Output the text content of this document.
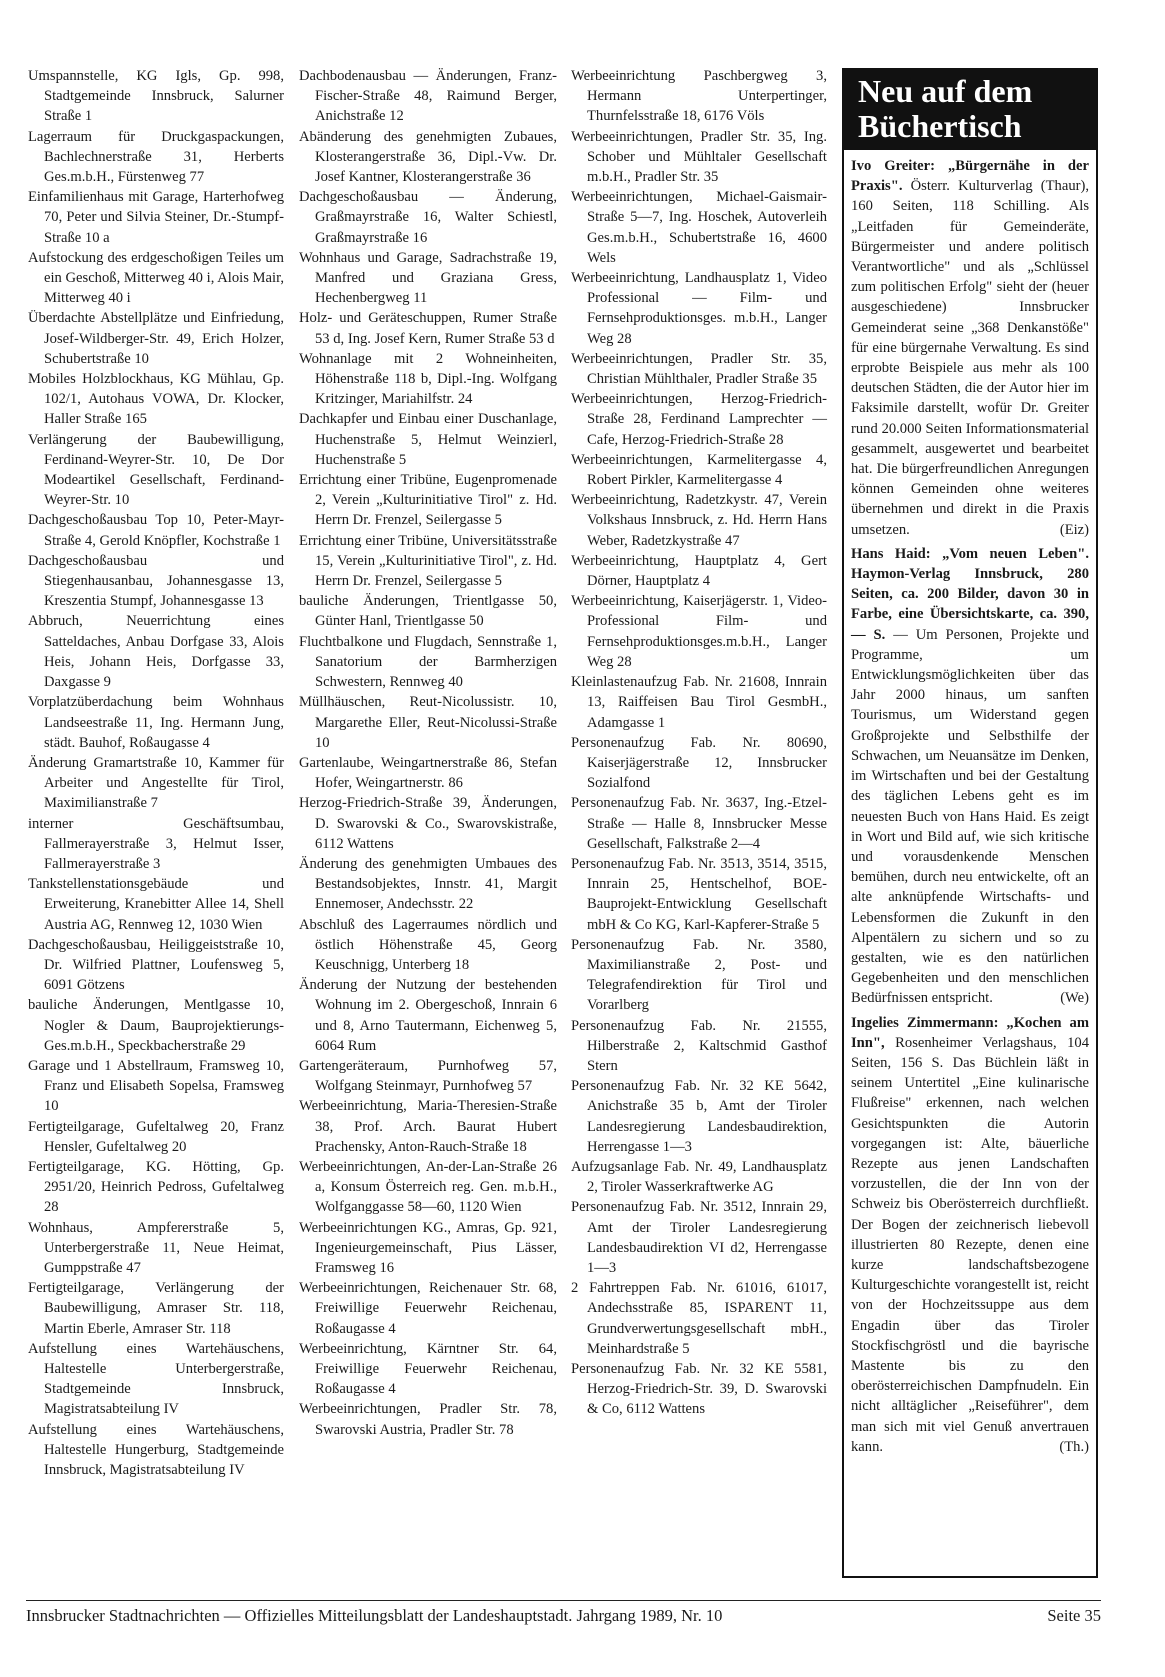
Umspannstelle, KG Igls, Gp. 998, Stadtgemeinde Innsbruck, Salurner Straße 1

Lagerraum für Druckgaspackungen, Bachlechnerstraße 31, Herberts Ges.m.b.H., Fürstenweg 77

Einfamilienhaus mit Garage, Harterhofweg 70, Peter und Silvia Steiner, Dr.-Stumpf-Straße 10 a

Aufstockung des erdgeschoßigen Teiles um ein Geschoß, Mitterweg 40 i, Alois Mair, Mitterweg 40 i

Überdachte Abstellplätze und Einfriedung, Josef-Wildberger-Str. 49, Erich Holzer, Schubertstraße 10

Mobiles Holzblockhaus, KG Mühlau, Gp. 102/1, Autohaus VOWA, Dr. Klocker, Haller Straße 165

Verlängerung der Baubewilligung, Ferdinand-Weyrer-Str. 10, De Dor Modeartikel Gesellschaft, Ferdinand-Weyrer-Str. 10

Dachgeschoßausbau Top 10, Peter-Mayr-Straße 4, Gerold Knöpfler, Kochstraße 1

Dachgeschoßausbau und Stiegenhausanbau, Johannesgasse 13, Kreszentia Stumpf, Johannesgasse 13

Abbruch, Neuerrichtung eines Satteldaches, Anbau Dorfgase 33, Alois Heis, Johann Heis, Dorfgasse 33, Daxgasse 9

Vorplatzüberdachung beim Wohnhaus Landseestraße 11, Ing. Hermann Jung, städt. Bauhof, Roßaugasse 4

Änderung Gramartstraße 10, Kammer für Arbeiter und Angestellte für Tirol, Maximilianstraße 7

interner Geschäftsumbau, Fallmerayerstraße 3, Helmut Isser, Fallmerayerstraße 3

Tankstellenstationsgebäude und Erweiterung, Kranebitter Allee 14, Shell Austria AG, Rennweg 12, 1030 Wien

Dachgeschoßausbau, Heiliggeiststraße 10, Dr. Wilfried Plattner, Loufensweg 5, 6091 Götzens

bauliche Änderungen, Mentlgasse 10, Nogler & Daum, Bauprojektierungs-Ges.m.b.H., Speckbacherstraße 29

Garage und 1 Abstellraum, Framsweg 10, Franz und Elisabeth Sopelsa, Framsweg 10

Fertigteilgarage, Gufeltalweg 20, Franz Hensler, Gufeltalweg 20

Fertigteilgarage, KG. Hötting, Gp. 2951/20, Heinrich Pedross, Gufeltalweg 28

Wohnhaus, Ampfererstraße 5, Unterbergerstraße 11, Neue Heimat, Gumppstraße 47

Fertigteilgarage, Verlängerung der Baubewilligung, Amraser Str. 118, Martin Eberle, Amraser Str. 118

Aufstellung eines Wartehäuschens, Haltestelle Unterbergerstraße, Stadtgemeinde Innsbruck, Magistratsabteilung IV

Aufstellung eines Wartehäuschens, Haltestelle Hungerburg, Stadtgemeinde Innsbruck, Magistratsabteilung IV

Dachbodenausbau — Änderungen, Franz-Fischer-Straße 48, Raimund Berger, Anichstraße 12

Abänderung des genehmigten Zubaues, Klosterangerstraße 36, Dipl.-Vw. Dr. Josef Kantner, Klosterangerstraße 36

Dachgeschoßausbau — Änderung, Graßmayrstraße 16, Walter Schiestl, Graßmayrstraße 16

Wohnhaus und Garage, Sadrachstraße 19, Manfred und Graziana Gress, Hechenbergweg 11

Holz- und Geräteschuppen, Rumer Straße 53 d, Ing. Josef Kern, Rumer Straße 53 d

Wohnanlage mit 2 Wohneinheiten, Höhenstraße 118 b, Dipl.-Ing. Wolfgang Kritzinger, Mariahilfstr. 24

Dachkapfer und Einbau einer Duschanlage, Huchenstraße 5, Helmut Weinzierl, Huchenstraße 5

Errichtung einer Tribüne, Eugenpromenade 2, Verein „Kulturinitiative Tirol" z. Hd. Herrn Dr. Frenzel, Seilergasse 5

Errichtung einer Tribüne, Universitätsstraße 15, Verein „Kulturinitiative Tirol", z. Hd. Herrn Dr. Frenzel, Seilergasse 5

bauliche Änderungen, Trientlgasse 50, Günter Hanl, Trientlgasse 50

Fluchtbalkone und Flugdach, Sennstraße 1, Sanatorium der Barmherzigen Schwestern, Rennweg 40

Müllhäuschen, Reut-Nicolussistr. 10, Margarethe Eller, Reut-Nicolussi-Straße 10

Gartenlaube, Weingartnerstraße 86, Stefan Hofer, Weingartnerstr. 86

Herzog-Friedrich-Straße 39, Änderungen, D. Swarovski & Co., Swarovskistraße, 6112 Wattens

Änderung des genehmigten Umbaues des Bestandsobjektes, Innstr. 41, Margit Ennemoser, Andechsstr. 22

Abschluß des Lagerraumes nördlich und östlich Höhenstraße 45, Georg Keuschnigg, Unterberg 18

Änderung der Nutzung der bestehenden Wohnung im 2. Obergeschoß, Innrain 6 und 8, Arno Tautermann, Eichenweg 5, 6064 Rum

Gartengeräteraum, Purnhofweg 57, Wolfgang Steinmayr, Purnhofweg 57

Werbeeinrichtung, Maria-Theresien-Straße 38, Prof. Arch. Baurat Hubert Prachensky, Anton-Rauch-Straße 18

Werbeeinrichtungen, An-der-Lan-Straße 26 a, Konsum Österreich reg. Gen. m.b.H., Wolfganggasse 58—60, 1120 Wien

Werbeeinrichtungen KG., Amras, Gp. 921, Ingenieurgemeinschaft, Pius Lässer, Framsweg 16

Werbeeinrichtungen, Reichenauer Str. 68, Freiwillige Feuerwehr Reichenau, Roßaugasse 4

Werbeeinrichtung, Kärntner Str. 64, Freiwillige Feuerwehr Reichenau, Roßaugasse 4

Werbeeinrichtungen, Pradler Str. 78, Swarovski Austria, Pradler Str. 78

Werbeeinrichtung Paschbergweg 3, Hermann Unterpertinger, Thurnfelsstraße 18, 6176 Völs

Werbeeinrichtungen, Pradler Str. 35, Ing. Schober und Mühltaler Gesellschaft m.b.H., Pradler Str. 35

Werbeeinrichtungen, Michael-Gaismair-Straße 5—7, Ing. Hoschek, Autoverleih Ges.m.b.H., Schubertstraße 16, 4600 Wels

Werbeeinrichtung, Landhausplatz 1, Video Professional — Film- und Fernsehproduktionsges. m.b.H., Langer Weg 28

Werbeeinrichtungen, Pradler Str. 35, Christian Mühlthaler, Pradler Straße 35

Werbeeinrichtungen, Herzog-Friedrich-Straße 28, Ferdinand Lamprechter — Cafe, Herzog-Friedrich-Straße 28

Werbeeinrichtungen, Karmelitergasse 4, Robert Pirkler, Karmelitergasse 4

Werbeeinrichtung, Radetzkystr. 47, Verein Volkshaus Innsbruck, z. Hd. Herrn Hans Weber, Radetzkystraße 47

Werbeeinrichtung, Hauptplatz 4, Gert Dörner, Hauptplatz 4

Werbeeinrichtung, Kaiserjägerstr. 1, Video-Professional Film- und Fernsehproduktionsges.m.b.H., Langer Weg 28

Kleinlastenaufzug Fab. Nr. 21608, Innrain 13, Raiffeisen Bau Tirol GesmbH., Adamgasse 1

Personenaufzug Fab. Nr. 80690, Kaiserjägerstraße 12, Innsbrucker Sozialfond

Personenaufzug Fab. Nr. 3637, Ing.-Etzel-Straße — Halle 8, Innsbrucker Messe Gesellschaft, Falkstraße 2—4

Personenaufzug Fab. Nr. 3513, 3514, 3515, Innrain 25, Hentschelhof, BOE-Bauprojekt-Entwicklung Gesellschaft mbH & Co KG, Karl-Kapferer-Straße 5

Personenaufzug Fab. Nr. 3580, Maximilianstraße 2, Post- und Telegrafendirektion für Tirol und Vorarlberg

Personenaufzug Fab. Nr. 21555, Hilberstraße 2, Kaltschmid Gasthof Stern

Personenaufzug Fab. Nr. 32 KE 5642, Anichstraße 35 b, Amt der Tiroler Landesregierung Landesbaudirektion, Herrengasse 1—3

Aufzugsanlage Fab. Nr. 49, Landhausplatz 2, Tiroler Wasserkraftwerke AG

Personenaufzug Fab. Nr. 3512, Innrain 29, Amt der Tiroler Landesregierung Landesbaudirektion VI d2, Herrengasse 1—3

2 Fahrtreppen Fab. Nr. 61016, 61017, Andechsstraße 85, ISPARENT 11, Grundverwertungsgesellschaft mbH., Meinhardstraße 5

Personenaufzug Fab. Nr. 32 KE 5581, Herzog-Friedrich-Str. 39, D. Swarovski & Co, 6112 Wattens

Neu auf dem
Büchertisch
Ivo Greiter: „Bürgernähe in der Praxis". Österr. Kulturverlag (Thaur), 160 Seiten, 118 Schilling. Als „Leitfaden für Gemeinderäte, Bürgermeister und andere politisch Verantwortliche" und als „Schlüssel zum politischen Erfolg" sieht der (heuer ausgeschiedene) Innsbrucker Gemeinderat seine „368 Denkanstöße" für eine bürgernahe Verwaltung. Es sind erprobte Beispiele aus mehr als 100 deutschen Städten, die der Autor hier im Faksimile darstellt, wofür Dr. Greiter rund 20.000 Seiten Informationsmaterial gesammelt, ausgewertet und bearbeitet hat. Die bürgerfreundlichen Anregungen können Gemeinden ohne weiteres übernehmen und direkt in die Praxis umsetzen.	(Eiz)
Hans Haid: „Vom neuen Leben". Haymon-Verlag Innsbruck, 280 Seiten, ca. 200 Bilder, davon 30 in Farbe, eine Übersichtskarte, ca. 390,— S. — Um Personen, Projekte und Programme, um Entwicklungsmöglichkeiten über das Jahr 2000 hinaus, um sanften Tourismus, um Widerstand gegen Großprojekte und Selbsthilfe der Schwachen, um Neuansätze im Denken, im Wirtschaften und bei der Gestaltung des täglichen Lebens geht es im neuesten Buch von Hans Haid. Es zeigt in Wort und Bild auf, wie sich kritische und vorausdenkende Menschen bemühen, durch neu entwickelte, oft an alte anknüpfende Wirtschafts- und Lebensformen die Zukunft in den Alpentälern zu sichern und so zu gestalten, wie es den natürlichen Gegebenheiten und den menschlichen Bedürfnissen entspricht.	(We)
Ingelies Zimmermann: „Kochen am Inn", Rosenheimer Verlagshaus, 104 Seiten, 156 S. Das Büchlein läßt in seinem Untertitel „Eine kulinarische Flußreise" erkennen, nach welchen Gesichtspunkten die Autorin vorgegangen ist: Alte, bäuerliche Rezepte aus jenen Landschaften vorzustellen, die der Inn von der Schweiz bis Oberösterreich durchfließt. Der Bogen der zeichnerisch liebevoll illustrierten 80 Rezepte, denen eine kurze landschaftsbezogene Kulturgeschichte vorangestellt ist, reicht von der Hochzeitssuppe aus dem Engadin über das Tiroler Stockfischgröstl und die bayrische Mastente bis zu den oberösterreichischen Dampfnudeln. Ein nicht alltäglicher „Reiseführer", dem man sich mit viel Genuß anvertrauen kann.	(Th.)
Innsbrucker Stadtnachrichten — Offizielles Mitteilungsblatt der Landeshauptstadt. Jahrgang 1989, Nr. 10	Seite 35
